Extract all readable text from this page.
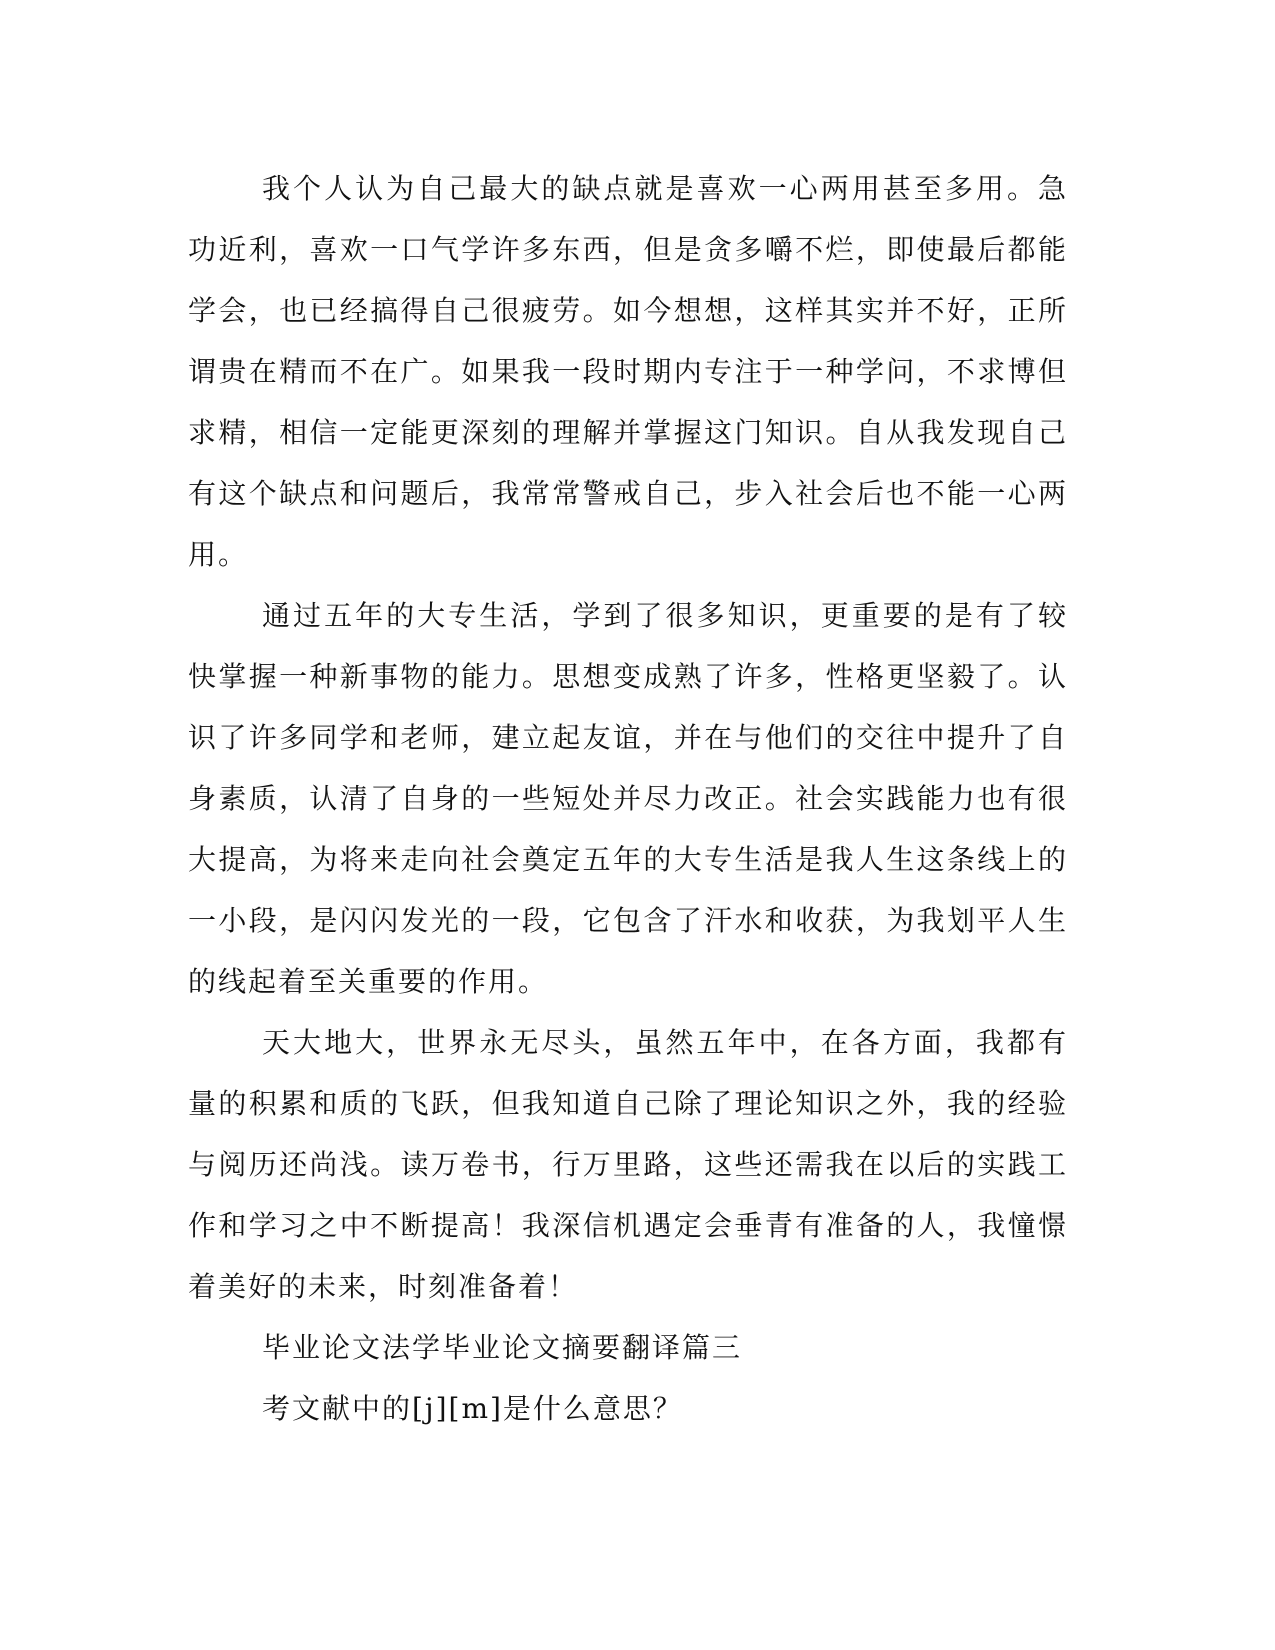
我个人认为自己最大的缺点就是喜欢一心两用甚至多用。急功近利，喜欢一口气学许多东西，但是贪多嚼不烂，即使最后都能学会，也已经搞得自己很疲劳。如今想想，这样其实并不好，正所谓贵在精而不在广。如果我一段时期内专注于一种学问，不求博但求精，相信一定能更深刻的理解并掌握这门知识。自从我发现自己有这个缺点和问题后，我常常警戒自己，步入社会后也不能一心两用。

通过五年的大专生活，学到了很多知识，更重要的是有了较快掌握一种新事物的能力。思想变成熟了许多，性格更坚毅了。认识了许多同学和老师，建立起友谊，并在与他们的交往中提升了自身素质，认清了自身的一些短处并尽力改正。社会实践能力也有很大提高，为将来走向社会奠定五年的大专生活是我人生这条线上的一小段，是闪闪发光的一段，它包含了汗水和收获，为我划平人生的线起着至关重要的作用。

天大地大，世界永无尽头，虽然五年中，在各方面，我都有量的积累和质的飞跃，但我知道自己除了理论知识之外，我的经验与阅历还尚浅。读万卷书，行万里路，这些还需我在以后的实践工作和学习之中不断提高！我深信机遇定会垂青有准备的人，我憧憬着美好的未来，时刻准备着！

毕业论文法学毕业论文摘要翻译篇三

考文献中的[j][m]是什么意思？
